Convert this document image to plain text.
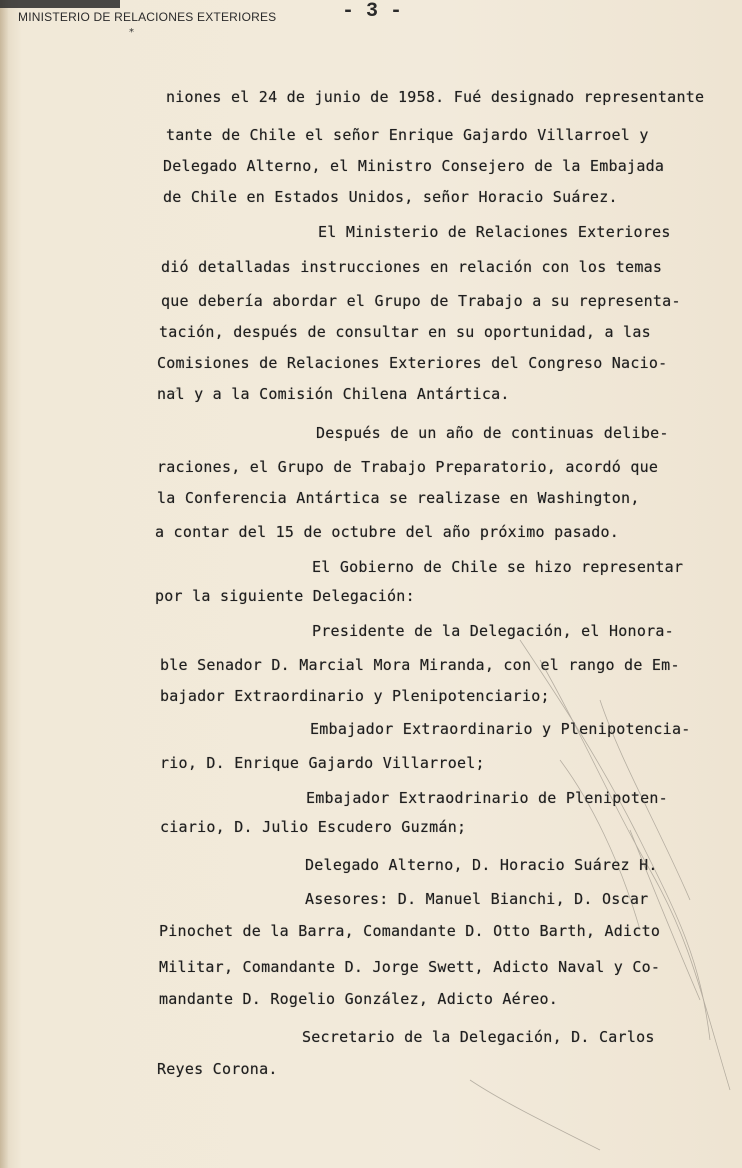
MINISTERIO DE RELACIONES EXTERIORES
*
- 3 -
niones el 24 de junio de 1958. Fué designado representante
tante de Chile el señor Enrique Gajardo Villarroel y
Delegado Alterno, el Ministro Consejero de la Embajada
de Chile en Estados Unidos, señor Horacio Suárez.
El Ministerio de Relaciones Exteriores
dió detalladas instrucciones en relación con los temas
que debería abordar el Grupo de Trabajo a su representa-
tación, después de consultar en su oportunidad, a las
Comisiones de Relaciones Exteriores del Congreso Nacio-
nal y a la Comisión Chilena Antártica.
Después de un año de continuas delibe-
raciones, el Grupo de Trabajo Preparatorio, acordó que
la Conferencia Antártica se realizase en Washington,
a contar del 15 de octubre del año próximo pasado.
El Gobierno de Chile se hizo representar
por la siguiente Delegación:
Presidente de la Delegación, el Honora-
ble Senador D. Marcial Mora Miranda, con el rango de Em-
bajador Extraordinario y Plenipotenciario;
Embajador Extraordinario y Plenipotencia-
rio, D. Enrique Gajardo Villarroel;
Embajador Extraodrinario de Plenipoten-
ciario, D. Julio Escudero Guzmán;
Delegado Alterno, D. Horacio Suárez H.
Asesores: D. Manuel Bianchi, D. Oscar
Pinochet de la Barra, Comandante D. Otto Barth, Adicto
Militar, Comandante D. Jorge Swett, Adicto Naval y Co-
mandante D. Rogelio González, Adicto Aéreo.
Secretario de la Delegación, D. Carlos
Reyes Corona.
